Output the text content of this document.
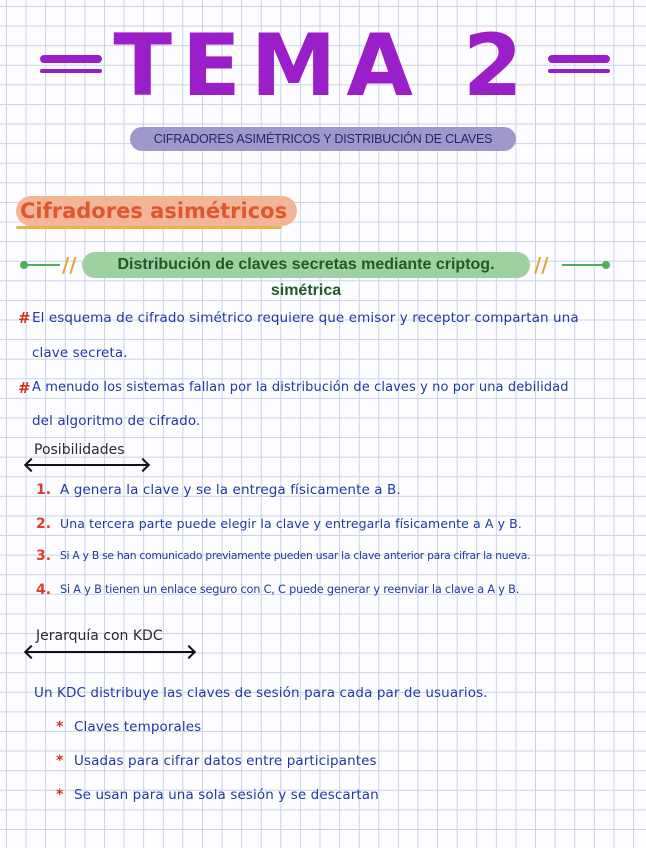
TEMA 2
CIFRADORES ASIMÉTRICOS Y DISTRIBUCIÓN DE CLAVES
Cifradores asimétricos
//	Distribución de claves secretas mediante criptog. simétrica
//
# El esquema de cifrado simétrico requiere que emisor y receptor compartan una
clave secreta.
# A menudo los sistemas fallan por la distribución de claves y no por una debilidad
del algoritmo de cifrado.
Posibilidades
1. A genera la clave y se la entrega físicamente a B.
2. Una tercera parte puede elegir la clave y entregarla físicamente a A y B.
3. Si A y B se han comunicado previamente pueden usar la clave anterior para cifrar la nueva.
4. Si A y B tienen un enlace seguro con C, C puede generar y reenviar la clave a A y B.
Jerarquía con KDC
Un KDC distribuye las claves de sesión para cada par de usuarios.
* Claves temporales
* Usadas para cifrar datos entre participantes
* Se usan para una sola sesión y se descartan
